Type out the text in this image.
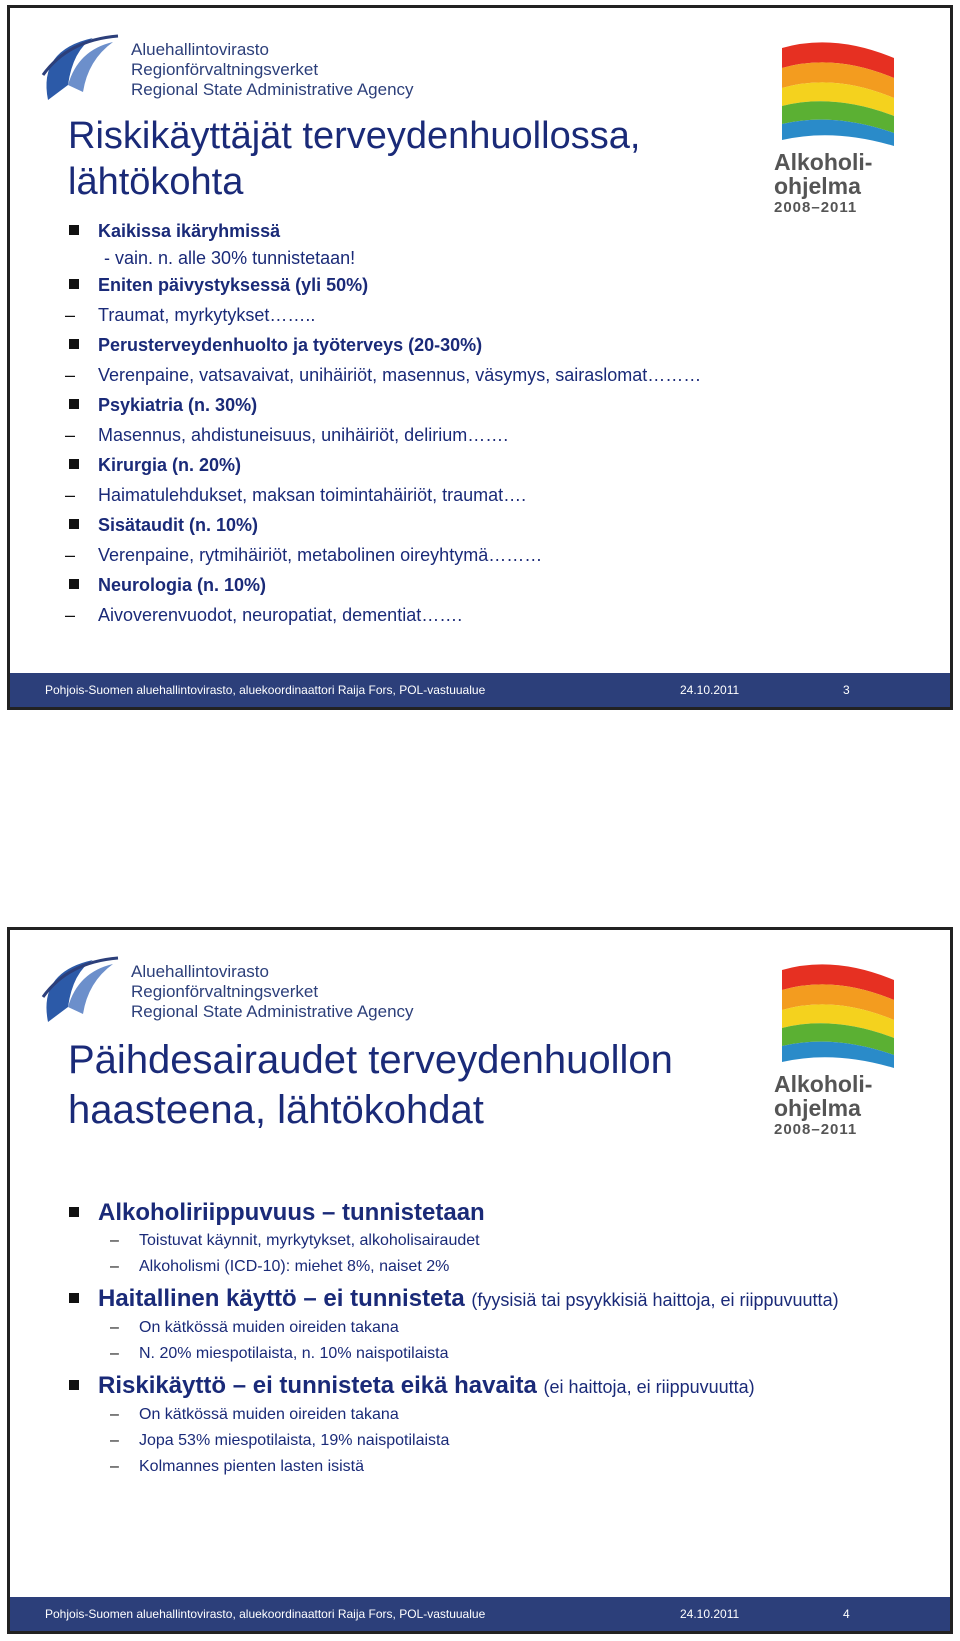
Aluehallintovirasto
Regionförvaltningsverket
Regional State Administrative Agency
Alkoholi-
ohjelma
2008–2011
Riskikäyttäjät terveydenhuollossa,
lähtökohta
Kaikissa ikäryhmissä
- vain. n. alle 30% tunnistetaan!
Eniten päivystyksessä (yli 50%)
– Traumat, myrkytykset……..
Perusterveydenhuolto ja työterveys (20-30%)
– Verenpaine, vatsavaivat, unihäiriöt, masennus, väsymys, sairaslomat………
Psykiatria (n. 30%)
– Masennus, ahdistuneisuus, unihäiriöt, delirium…….
Kirurgia (n. 20%)
– Haimatulehdukset, maksan toimintahäiriöt, traumat….
Sisätaudit (n. 10%)
– Verenpaine, rytmihäiriöt, metabolinen oireyhtymä………
Neurologia (n. 10%)
– Aivoverenvuodot, neuropatiat, dementiat…….
Pohjois-Suomen aluehallintovirasto, aluekoordinaattori Raija Fors, POL-vastuualue	24.10.2011	3
Aluehallintovirasto
Regionförvaltningsverket
Regional State Administrative Agency
Alkoholi-
ohjelma
2008–2011
Päihdesairaudet terveydenhuollon
haasteena, lähtökohdat
Alkoholiriippuvuus – tunnistetaan
– Toistuvat käynnit, myrkytykset, alkoholisairaudet
– Alkoholismi (ICD-10): miehet 8%, naiset 2%
Haitallinen käyttö – ei tunnisteta (fyysisiä tai psyykkisiä haittoja, ei riippuvuutta)
– On kätkössä muiden oireiden takana
– N. 20% miespotilaista, n. 10% naispotilaista
Riskikäyttö – ei tunnisteta eikä havaita (ei haittoja, ei riippuvuutta)
– On kätkössä muiden oireiden takana
– Jopa 53% miespotilaista, 19% naispotilaista
– Kolmannes pienten lasten isistä
Pohjois-Suomen aluehallintovirasto, aluekoordinaattori Raija Fors, POL-vastuualue	24.10.2011	4
